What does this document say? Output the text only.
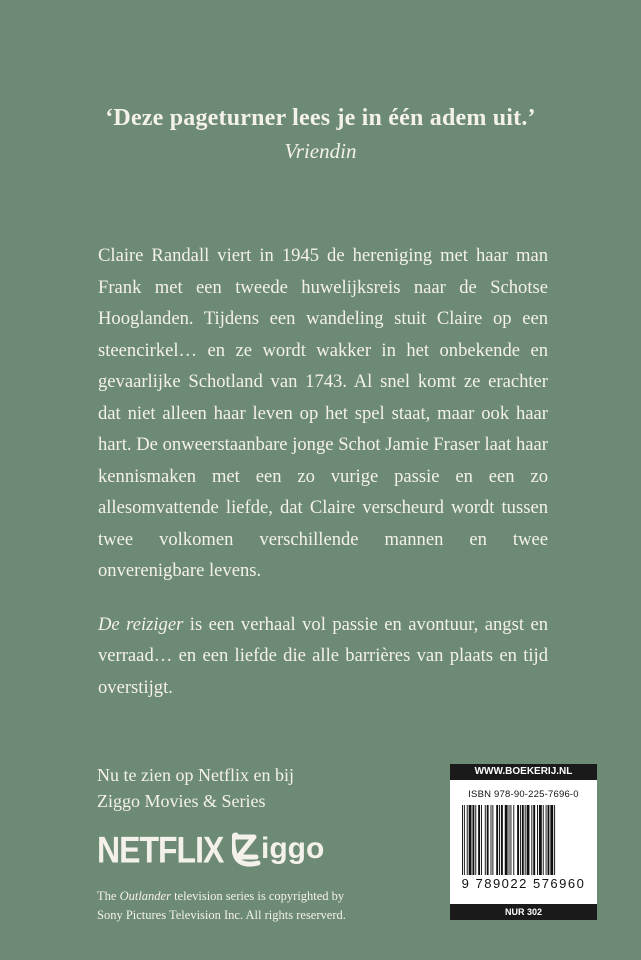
‘Deze pageturner lees je in één adem uit.’
Vriendin

Claire Randall viert in 1945 de hereniging met haar man Frank met een tweede huwelijksreis naar de Schotse Hooglanden. Tijdens een wandeling stuit Claire op een steencirkel… en ze wordt wakker in het onbekende en gevaarlijke Schotland van 1743. Al snel komt ze erachter dat niet alleen haar leven op het spel staat, maar ook haar hart. De onweerstaanbare jonge Schot Jamie Fraser laat haar kennismaken met een zo vurige passie en een zo allesomvattende liefde, dat Claire verscheurd wordt tussen twee volkomen verschillende mannen en twee onverenigbare levens.

De reiziger is een verhaal vol passie en avontuur, angst en verraad… en een liefde die alle barrières van plaats en tijd overstijgt.

Nu te zien op Netflix en bij
Ziggo Movies & Series
NETFLIX iggo
The Outlander television series is copyrighted by
Sony Pictures Television Inc. All rights reserverd.
WWW.BOEKERIJ.NL
ISBN 978-90-225-7696-0
9 789022 576960
NUR 302
